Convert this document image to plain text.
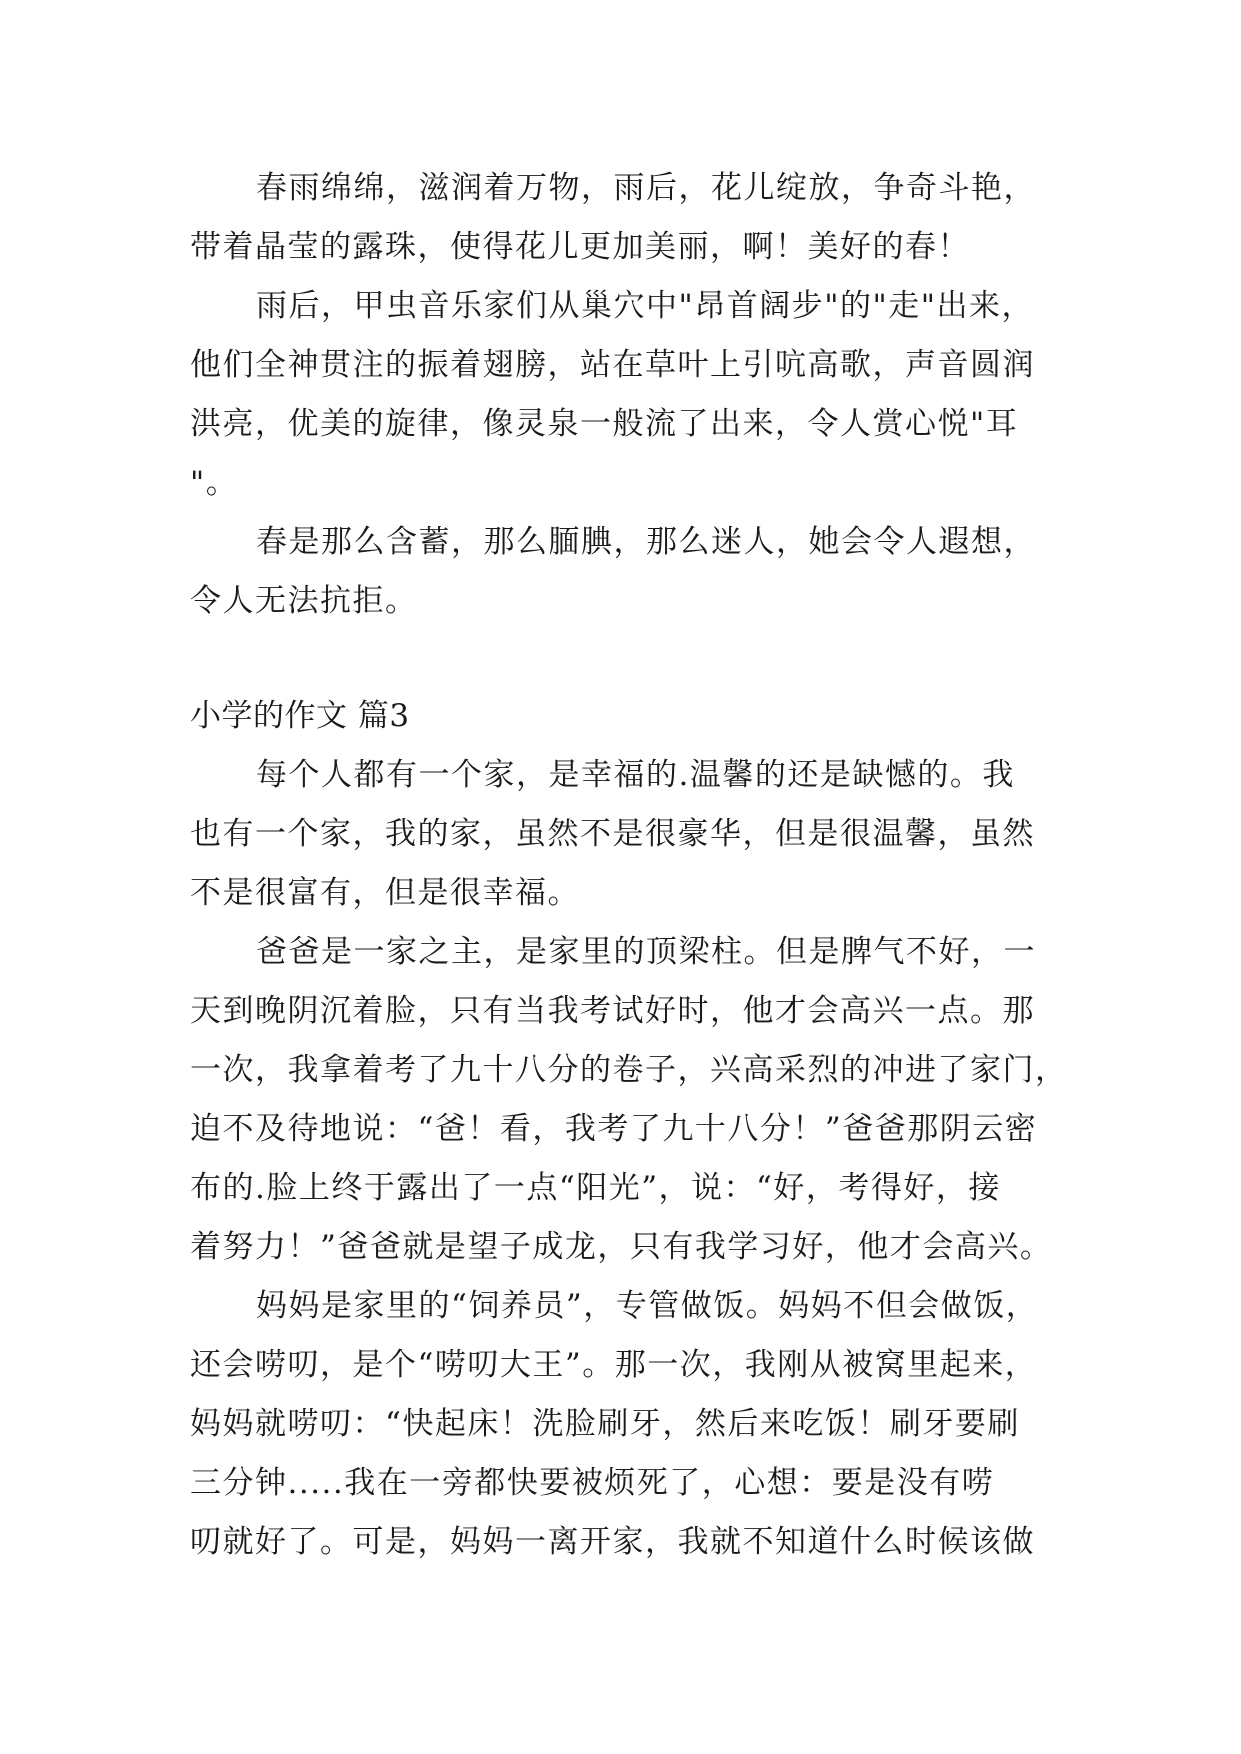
春雨绵绵，滋润着万物，雨后，花儿绽放，争奇斗艳，

带着晶莹的露珠，使得花儿更加美丽，啊！美好的春！

雨后，甲虫音乐家们从巢穴中"昂首阔步"的"走"出来，

他们全神贯注的振着翅膀，站在草叶上引吭高歌，声音圆润

洪亮，优美的旋律，像灵泉一般流了出来，令人赏心悦"耳

"。

春是那么含蓄，那么腼腆，那么迷人，她会令人遐想，

令人无法抗拒。

小学的作文 篇3

每个人都有一个家，是幸福的.温馨的还是缺憾的。我

也有一个家，我的家，虽然不是很豪华，但是很温馨，虽然

不是很富有，但是很幸福。

爸爸是一家之主，是家里的顶梁柱。但是脾气不好，一

天到晚阴沉着脸，只有当我考试好时，他才会高兴一点。那

一次，我拿着考了九十八分的卷子，兴高采烈的冲进了家门，

迫不及待地说：“爸！看，我考了九十八分！”爸爸那阴云密

布的.脸上终于露出了一点“阳光”，说：“好，考得好，接

着努力！”爸爸就是望子成龙，只有我学习好，他才会高兴。

妈妈是家里的“饲养员”，专管做饭。妈妈不但会做饭，

还会唠叨，是个“唠叨大王”。那一次，我刚从被窝里起来，

妈妈就唠叨：“快起床！洗脸刷牙，然后来吃饭！刷牙要刷

三分钟.....我在一旁都快要被烦死了，心想：要是没有唠

叨就好了。可是，妈妈一离开家，我就不知道什么时候该做
